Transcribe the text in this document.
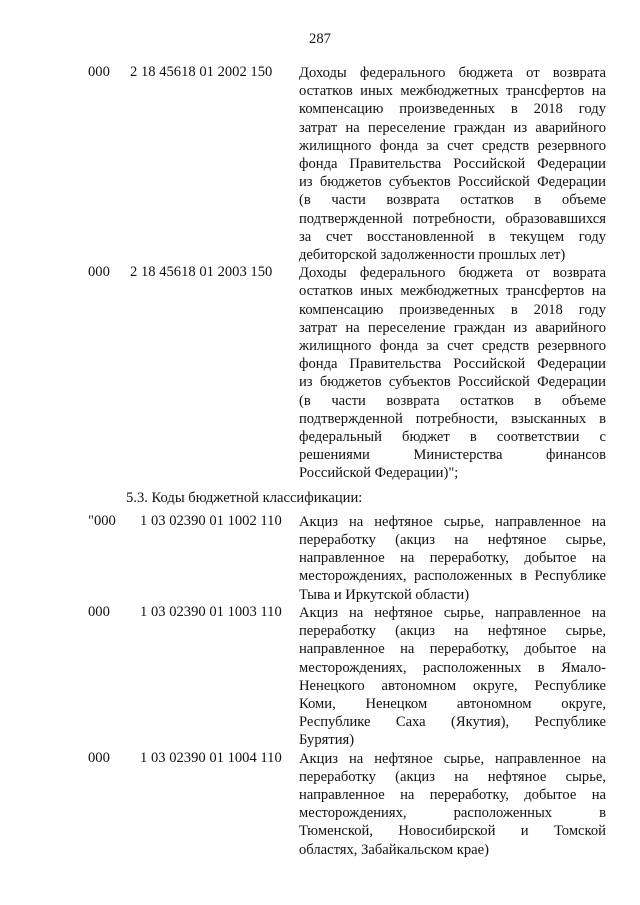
287
000 2 18 45618 01 2002 150 Доходы федерального бюджета от возврата
остатков иных межбюджетных трансфертов на
компенсацию произведенных в 2018 году
затрат на переселение граждан из аварийного
жилищного фонда за счет средств резервного
фонда Правительства Российской Федерации
из бюджетов субъектов Российской Федерации
(в части возврата остатков в объеме
подтвержденной потребности, образовавшихся
за счет восстановленной в текущем году
дебиторской задолженности прошлых лет)
000 2 18 45618 01 2003 150 Доходы федерального бюджета от возврата
остатков иных межбюджетных трансфертов на
компенсацию произведенных в 2018 году
затрат на переселение граждан из аварийного
жилищного фонда за счет средств резервного
фонда Правительства Российской Федерации
из бюджетов субъектов Российской Федерации
(в части возврата остатков в объеме
подтвержденной потребности, взысканных в
федеральный бюджет в соответствии с
решениями Министерства финансов
Российской Федерации)";
5.3. Коды бюджетной классификации:
"000 1 03 02390 01 1002 110 Акциз на нефтяное сырье, направленное на
переработку (акциз на нефтяное сырье,
направленное на переработку, добытое на
месторождениях, расположенных в Республике
Тыва и Иркутской области)
000 1 03 02390 01 1003 110 Акциз на нефтяное сырье, направленное на
переработку (акциз на нефтяное сырье,
направленное на переработку, добытое на
месторождениях, расположенных в Ямало-
Ненецкого автономном округе, Республике
Коми, Ненецком автономном округе,
Республике Саха (Якутия), Республике
Бурятия)
000 1 03 02390 01 1004 110 Акциз на нефтяное сырье, направленное на
переработку (акциз на нефтяное сырье,
направленное на переработку, добытое на
месторождениях, расположенных в
Тюменской, Новосибирской и Томской
областях, Забайкальском крае)
